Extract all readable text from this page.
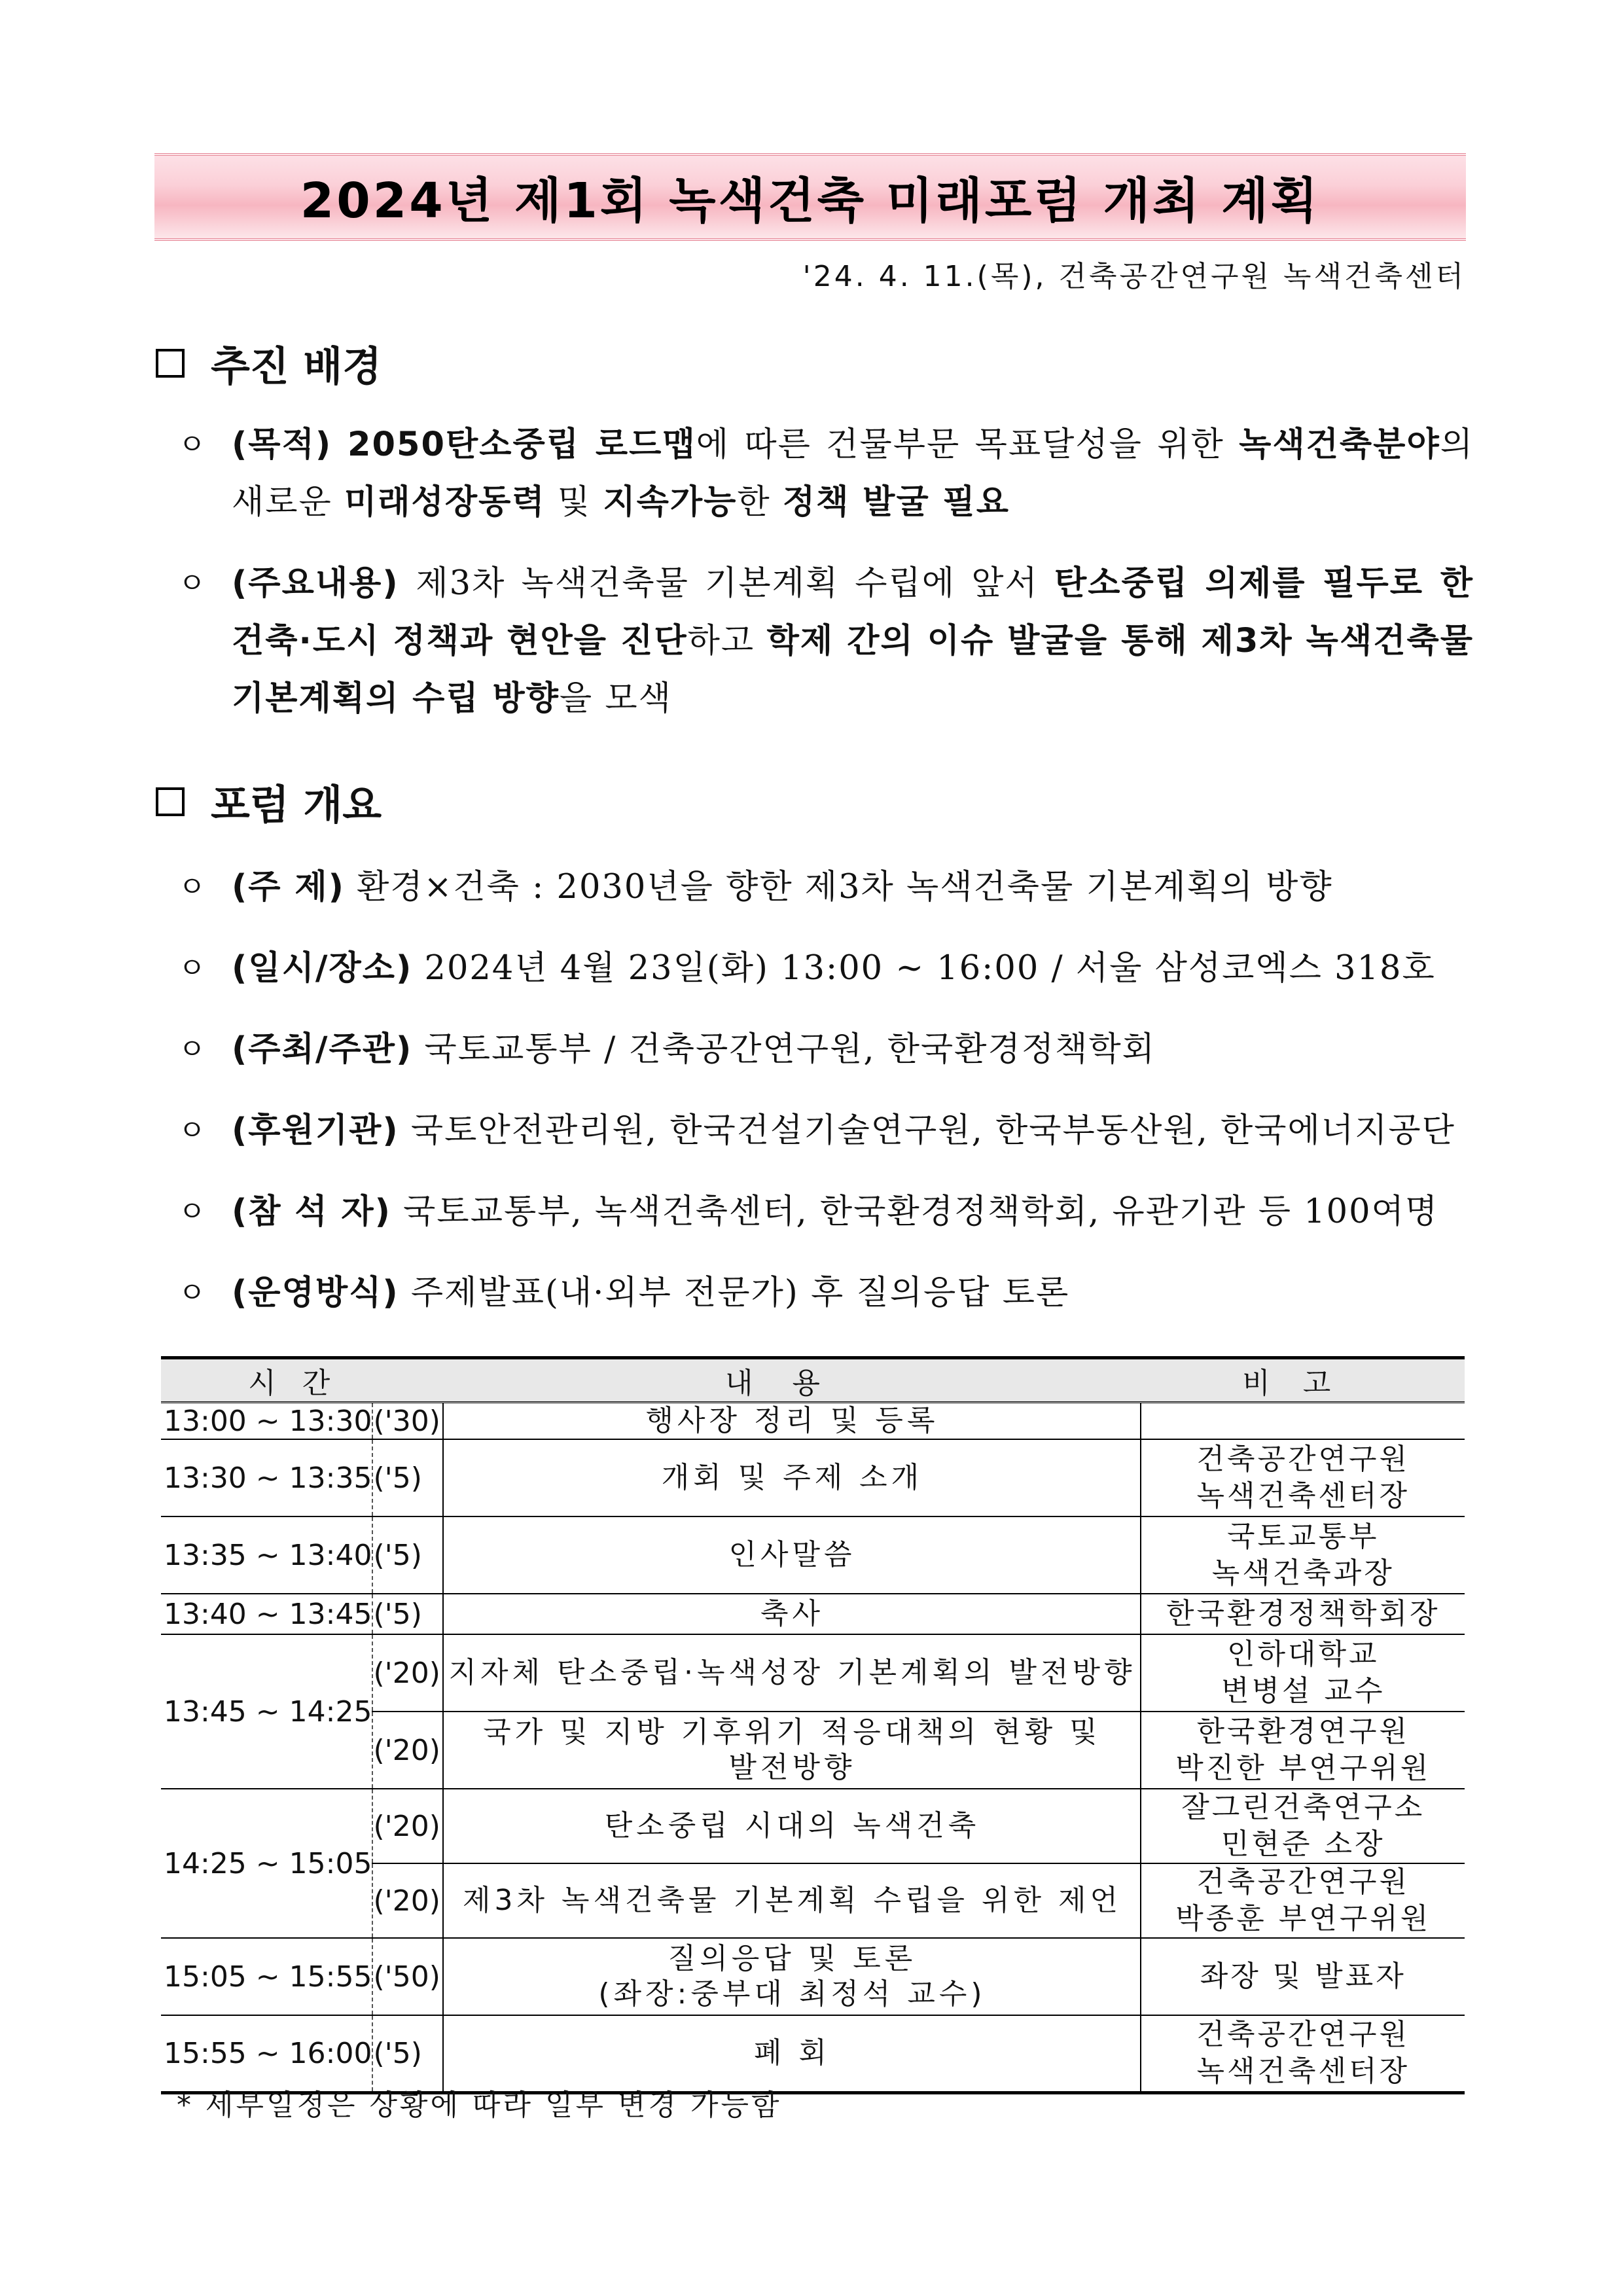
2024년 제1회 녹색건축 미래포럼 개최 계획
'24. 4. 11.(목), 건축공간연구원 녹색건축센터
추진 배경
ㅇ (목적) 2050탄소중립 로드맵에 따른 건물부문 목표달성을 위한 녹색건축분야의 새로운 미래성장동력 및 지속가능한 정책 발굴 필요
ㅇ (주요내용) 제3차 녹색건축물 기본계획 수립에 앞서 탄소중립 의제를 필두로 한 건축·도시 정책과 현안을 진단하고 학제 간의 이슈 발굴을 통해 제3차 녹색건축물 기본계획의 수립 방향을 모색
포럼 개요
ㅇ (주 제) 환경×건축 : 2030년을 향한 제3차 녹색건축물 기본계획의 방향
ㅇ (일시/장소) 2024년 4월 23일(화) 13:00 ~ 16:00 / 서울 삼성코엑스 318호
ㅇ (주최/주관) 국토교통부 / 건축공간연구원, 한국환경정책학회
ㅇ (후원기관) 국토안전관리원, 한국건설기술연구원, 한국부동산원, 한국에너지공단
ㅇ (참 석 자) 국토교통부, 녹색건축센터, 한국환경정책학회, 유관기관 등 100여명
ㅇ (운영방식) 주제발표(내·외부 전문가) 후 질의응답 토론
시간		내용	비고
13:00 ~ 13:30	('30)	행사장 정리 및 등록	
13:30 ~ 13:35	('5)	개회 및 주제 소개	건축공간연구원
녹색건축센터장
13:35 ~ 13:40	('5)	인사말씀	국토교통부
녹색건축과장
13:40 ~ 13:45	('5)	축사	한국환경정책학회장
13:45 ~ 14:25	('20)	지자체 탄소중립·녹색성장 기본계획의 발전방향	인하대학교
변병설 교수
	('20)	국가 및 지방 기후위기 적응대책의 현황 및
발전방향	한국환경연구원
박진한 부연구위원
14:25 ~ 15:05	('20)	탄소중립 시대의 녹색건축	잘그린건축연구소
민현준 소장
	('20)	제3차 녹색건축물 기본계획 수립을 위한 제언	건축공간연구원
박종훈 부연구위원
15:05 ~ 15:55	('50)	질의응답 및 토론
(좌장:중부대 최정석 교수)	좌장 및 발표자
15:55 ~ 16:00	('5)	폐 회	건축공간연구원
녹색건축센터장
* 세부일정은 상황에 따라 일부 변경 가능함
